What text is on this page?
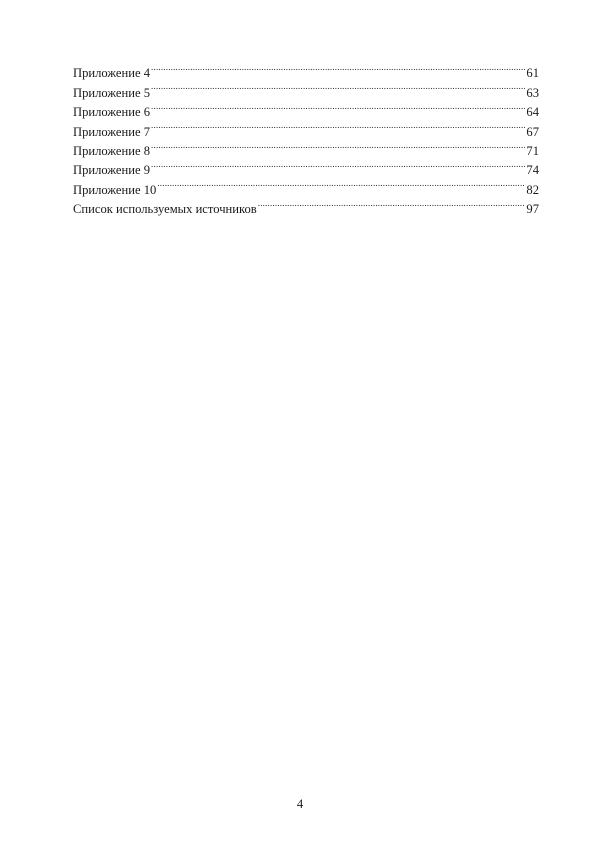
Приложение 4 .....	61
Приложение 5 .....	63
Приложение 6 .....	64
Приложение 7 .....	67
Приложение 8 .....	71
Приложение 9 .....	74
Приложение 10 .....	82
Список используемых источников .....	97
4
